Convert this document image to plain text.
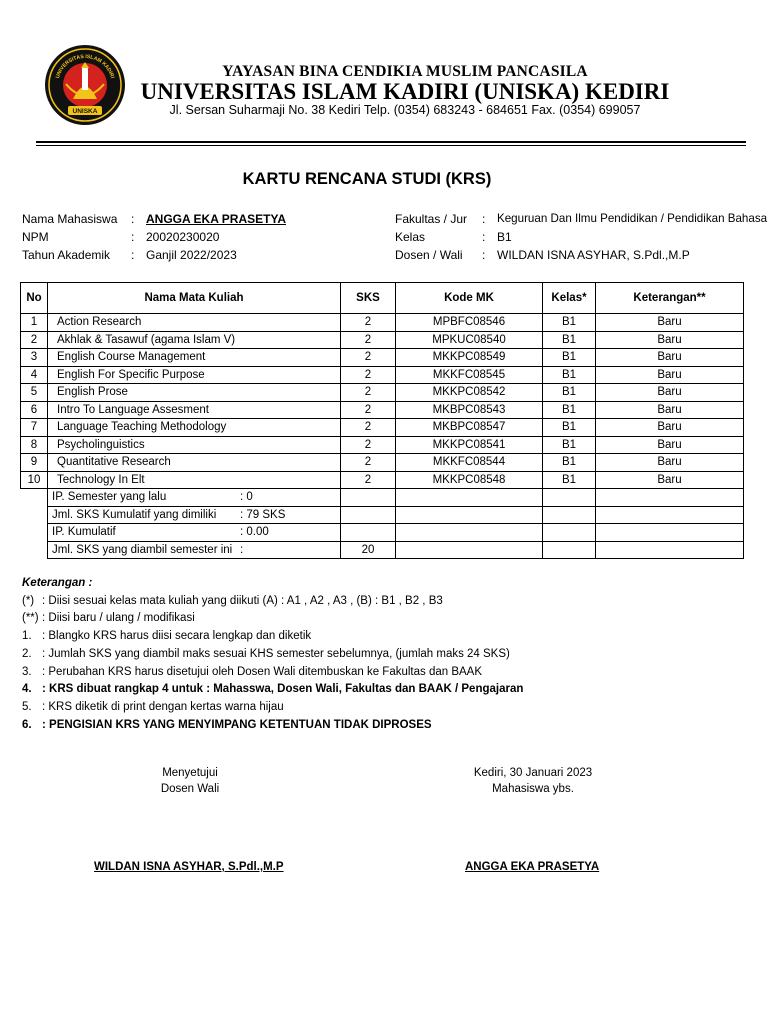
UNIVERSITAS ISLAM KADIRI
UNISKA
YAYASAN BINA CENDIKIA MUSLIM PANCASILA
UNIVERSITAS ISLAM KADIRI (UNISKA) KEDIRI
Jl. Sersan Suharmaji No. 38 Kediri Telp. (0354) 683243 - 684651 Fax. (0354) 699057
KARTU RENCANA STUDI (KRS)
Nama Mahasiswa : ANGGA EKA PRASETYA
NPM	: 20020230020
Tahun Akademik : Ganjil 2022/2023
Fakultas / Jur : Keguruan Dan Ilmu Pendidikan / Pendidikan Bahasa
Kelas	: B1
Dosen / Wali : WILDAN ISNA ASYHAR, S.Pdl.,M.P
No	Nama Mata Kuliah	SKS	Kode MK	Kelas*	Keterangan**
1	Action Research	2	MPBFC08546	B1	Baru
2	Akhlak & Tasawuf (agama Islam V)	2	MPKUC08540	B1	Baru
3	English Course Management	2	MKKPC08549	B1	Baru
4	English For Specific Purpose	2	MKKFC08545	B1	Baru
5	English Prose	2	MKKPC08542	B1	Baru
6	Intro To Language Assesment	2	MKBPC08543	B1	Baru
7	Language Teaching Methodology	2	MKBPC08547	B1	Baru
8	Psycholinguistics	2	MKKPC08541	B1	Baru
9	Quantitative Research	2	MKKFC08544	B1	Baru
10	Technology In Elt	2	MKKPC08548	B1	Baru
	IP. Semester yang lalu : 0				

	Jml. SKS Kumulatif yang dimiliki : 79 SKS				

	IP. Kumulatif : 0.00				

	Jml. SKS yang diambil semester ini :	20			
Keterangan :
(*) : Diisi sesuai kelas mata kuliah yang diikuti (A) : A1 , A2 , A3 , (B) : B1 , B2 , B3
(**) : Diisi baru / ulang / modifikasi
1. : Blangko KRS harus diisi secara lengkap dan diketik
2. : Jumlah SKS yang diambil maks sesuai KHS semester sebelumnya, (jumlah maks 24 SKS)
3. : Perubahan KRS harus disetujui oleh Dosen Wali ditembuskan ke Fakultas dan BAAK
4. : KRS dibuat rangkap 4 untuk : Mahasswa, Dosen Wali, Fakultas dan BAAK / Pengajaran
5. : KRS diketik di print dengan kertas warna hijau
6. : PENGISIAN KRS YANG MENYIMPANG KETENTUAN TIDAK DIPROSES
Menyetujui
Dosen Wali
Kediri, 30 Januari 2023
Mahasiswa ybs.
WILDAN ISNA ASYHAR, S.Pdl.,M.P	ANGGA EKA PRASETYA
